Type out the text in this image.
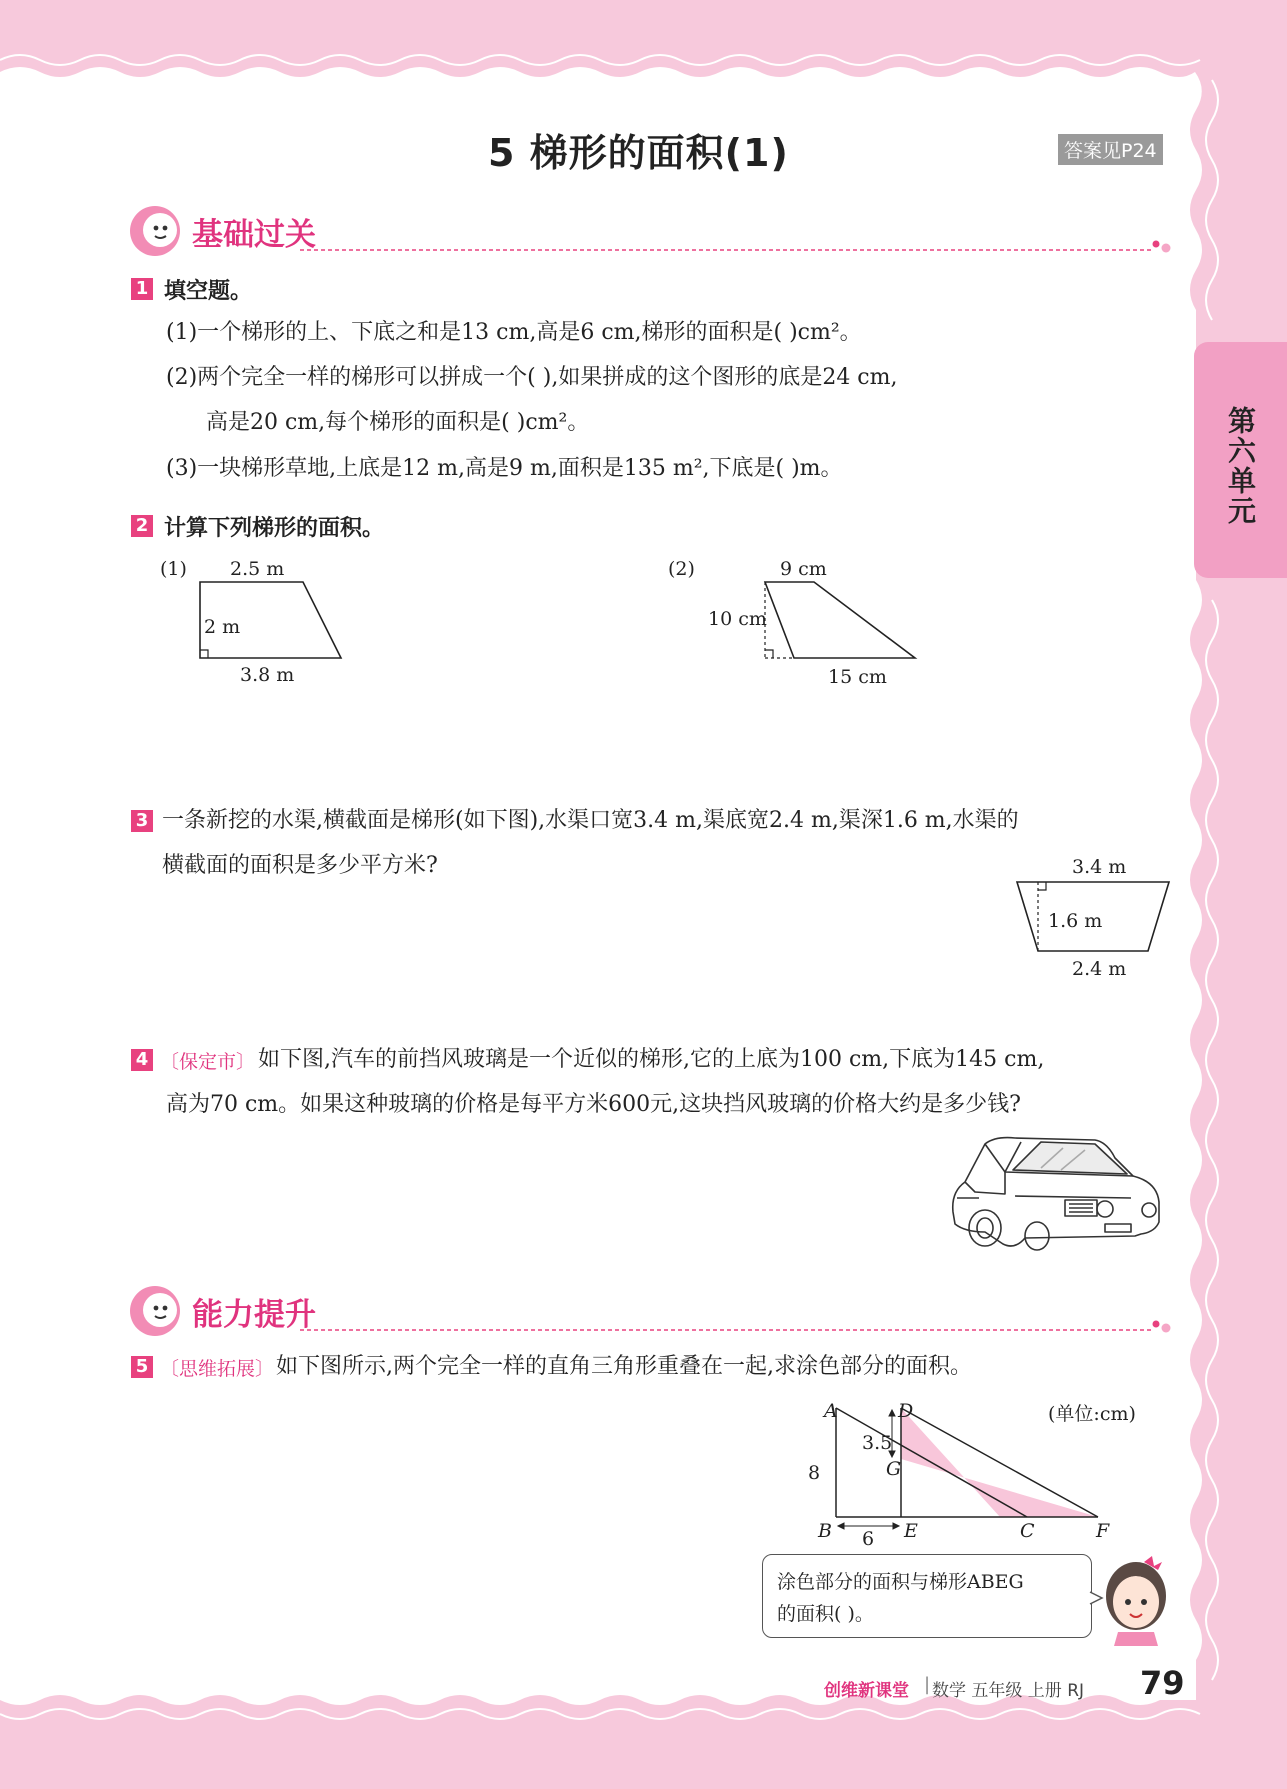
第六单元
5 梯形的面积(1)	答案见P24
基础过关
1 填空题。
(1)一个梯形的上、下底之和是13 cm,高是6 cm,梯形的面积是( )cm²。
(2)两个完全一样的梯形可以拼成一个( ),如果拼成的这个图形的底是24 cm,
高是20 cm,每个梯形的面积是( )cm²。
(3)一块梯形草地,上底是12 m,高是9 m,面积是135 m²,下底是( )m。
2 计算下列梯形的面积。
(1) 2.5 m
2 m
3.8 m
(2)	9 cm
10 cm
15 cm
3 一条新挖的水渠,横截面是梯形(如下图),水渠口宽3.4 m,渠底宽2.4 m,渠深1.6 m,水渠的
横截面的面积是多少平方米?	3.4 m
1.6 m
2.4 m
4 〔保定市〕 如下图,汽车的前挡风玻璃是一个近似的梯形,它的上底为100 cm,下底为145 cm,
高为70 cm。如果这种玻璃的价格是每平方米600元,这块挡风玻璃的价格大约是多少钱?
能力提升
5 〔思维拓展〕 如下图所示,两个完全一样的直角三角形重叠在一起,求涂色部分的面积。
(单位:cm)
A	D
3.5
G
8
B	E
6	C	F
涂色部分的面积与梯形ABEG
的面积( )。
创维新课堂 | 数学 五年级 上册 RJ 79
